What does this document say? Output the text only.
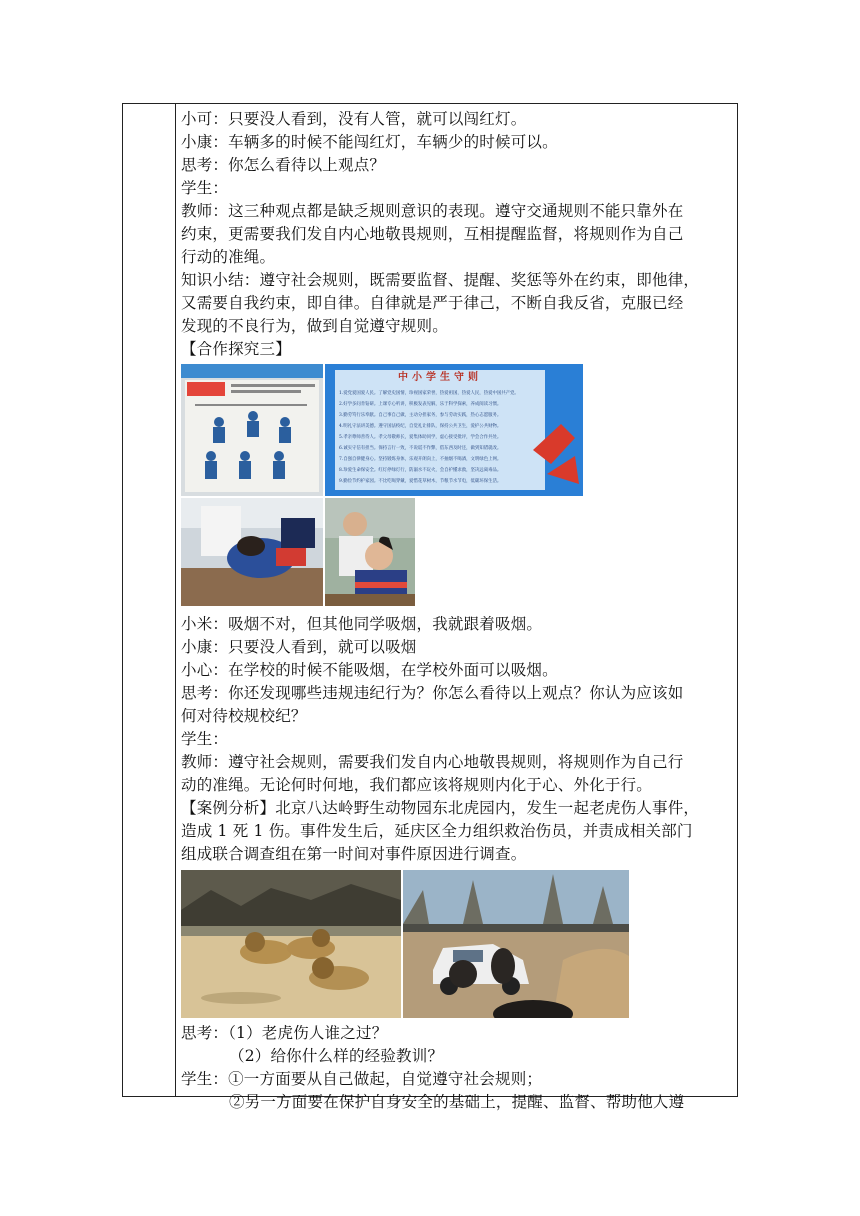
小可：只要没人看到，没有人管，就可以闯红灯。
小康：车辆多的时候不能闯红灯，车辆少的时候可以。
思考：你怎么看待以上观点？
学生：
教师：这三种观点都是缺乏规则意识的表现。遵守交通规则不能只靠外在
约束，更需要我们发自内心地敬畏规则，互相提醒监督，将规则作为自己
行动的准绳。
知识小结：遵守社会规则，既需要监督、提醒、奖惩等外在约束，即他律，
又需要自我约束，即自律。自律就是严于律己，不断自我反省，克服已经
发现的不良行为，做到自觉遵守规则。
【合作探究三】
中小学生守则
1.爱党爱国爱人民。了解党史国情，珍视国家荣誉，热爱祖国，热爱人民，热爱中国共产党。
2.好学多问肯钻研。上课专心听讲，积极发表见解，乐于科学探索，养成阅读习惯。
3.勤劳笃行乐奉献。自己事自己做，主动分担家务，参与劳动实践，热心志愿服务。
4.明礼守法讲美德。遵守国法校纪，自觉礼让排队，保持公共卫生，爱护公共财物。
5.孝亲尊师善待人。孝父母敬师长，爱集体助同学，虚心接受批评，学会合作共处。
6.诚实守信有担当。保持言行一致，不说谎不作弊，借东西及时还，做到知错就改。
7.自强自律健身心。坚持锻炼身体，乐观开朗向上，不抽烟不喝酒，文明绿色上网。
8.珍爱生命保安全。红灯停绿灯行，防溺水不玩火，会自护懂求救，坚决远离毒品。
9.勤俭节约护家园。不比吃喝穿戴，爱惜花草树木，节粮节水节电，低碳环保生活。
小米：吸烟不对，但其他同学吸烟，我就跟着吸烟。
小康：只要没人看到，就可以吸烟
小心：在学校的时候不能吸烟，在学校外面可以吸烟。
思考：你还发现哪些违规违纪行为？你怎么看待以上观点？你认为应该如
何对待校规校纪？
学生：
教师：遵守社会规则，需要我们发自内心地敬畏规则，将规则作为自己行
动的准绳。无论何时何地，我们都应该将规则内化于心、外化于行。
【案例分析】北京八达岭野生动物园东北虎园内，发生一起老虎伤人事件，
造成 1 死 1 伤。事件发生后，延庆区全力组织救治伤员，并责成相关部门
组成联合调查组在第一时间对事件原因进行调查。
思考：（1）老虎伤人谁之过？
（2）给你什么样的经验教训？
学生：①一方面要从自己做起，自觉遵守社会规则；
②另一方面要在保护自身安全的基础上，提醒、监督、帮助他人遵
